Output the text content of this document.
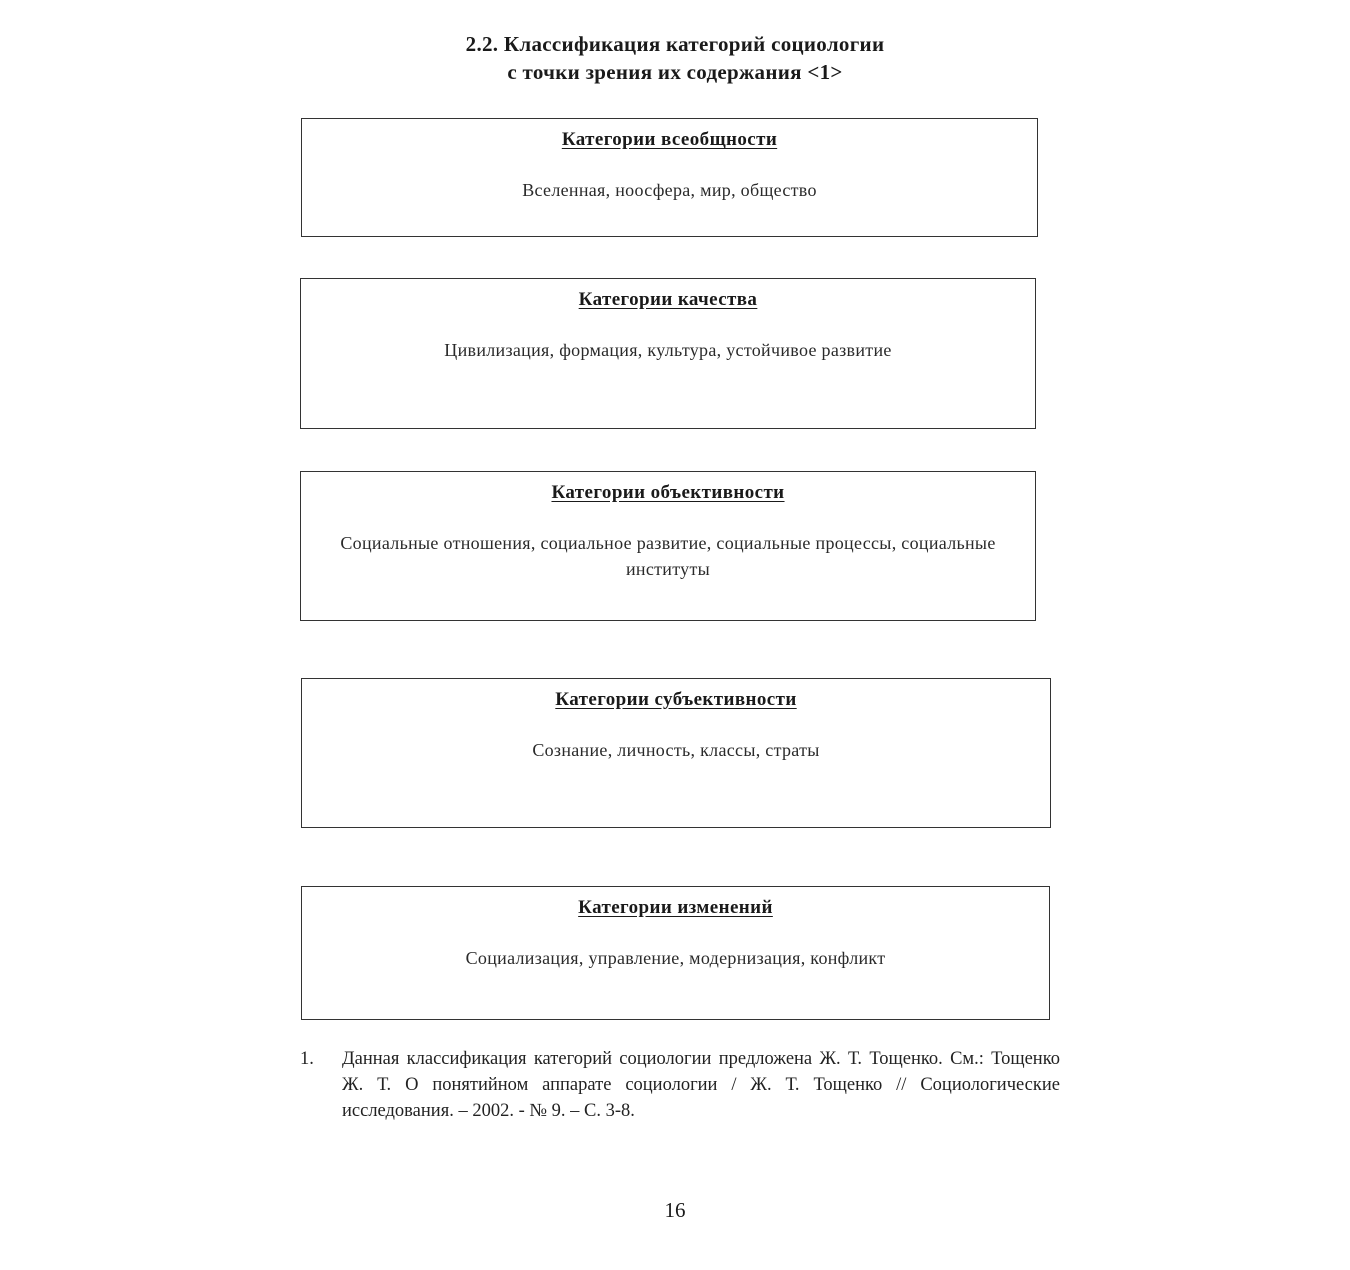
2.2. Классификация категорий социологии
с точки зрения их содержания <1>
Категории всеобщности
Вселенная, ноосфера, мир, общество
Категории качества
Цивилизация, формация, культура, устойчивое развитие
Категории объективности
Социальные отношения, социальное развитие, социальные процессы, социальные институты
Категории субъективности
Сознание, личность, классы, страты
Категории изменений
Социализация, управление, модернизация, конфликт
1. Данная классификация категорий социологии предложена Ж. Т. Тощенко. См.: Тощенко Ж. Т. О понятийном аппарате социологии / Ж. Т. Тощенко // Социологические исследования. – 2002. - № 9. – С. 3-8.
16
